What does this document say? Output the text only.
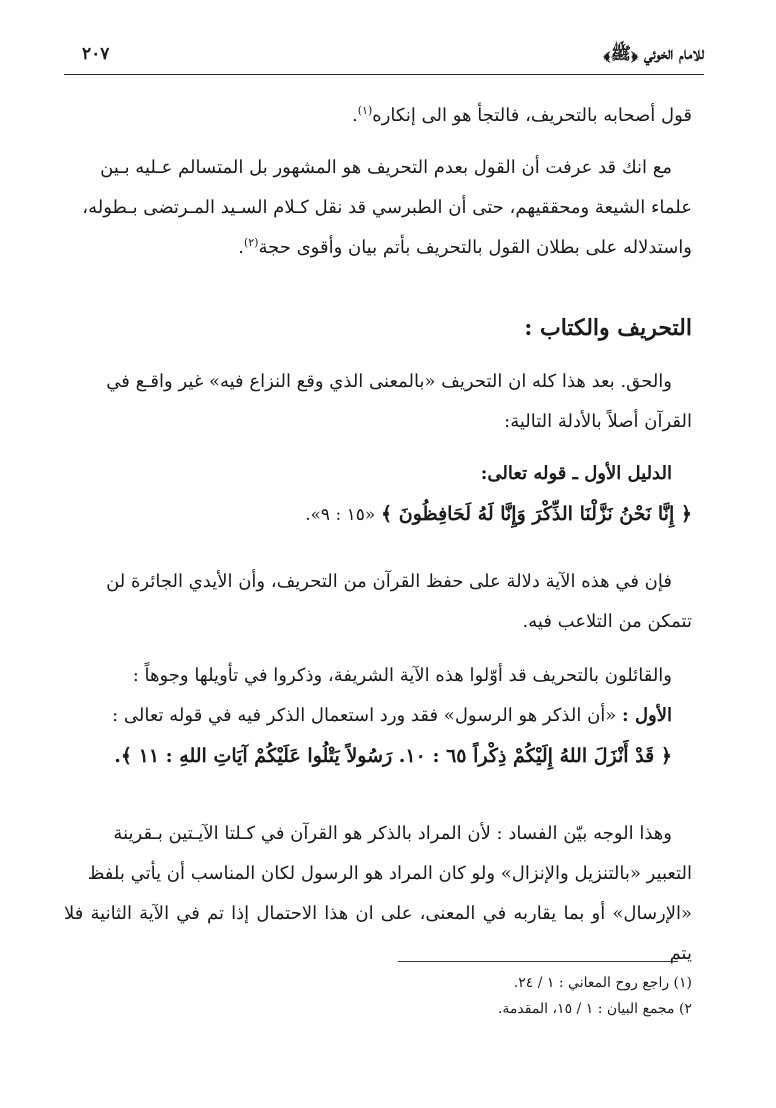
للامام الخوئي ﴿ﷺ﴾
٢٠٧

قول أصحابه بالتحريف، فالتجأ هو الى إنكاره$^{(١)}$.

مع انك قد عرفت أن القول بعدم التحريف هو المشهور بل المتسالم عـليه بـين

علماء الشيعة ومحققيهم، حتى أن الطبرسي قد نقل كـلام السـيد المـرتضى بـطوله،

واستدلاله على بطلان القول بالتحريف بأتم بيان وأقوى حجة$^{(٢)}$.

التحريف والكتاب :

والحق. بعد هذا كله ان التحريف «بالمعنى الذي وقع النزاع فيه» غير واقـع في

القرآن أصلاً بالأدلة التالية:

الدليل الأول ـ قوله تعالى:

﴿ إِنَّا نَحْنُ نَزَّلْنَا الذِّكْرَ وَإِنَّا لَهُ لَحَافِظُونَ ﴾ «١٥ : ٩».

فإن في هذه الآية دلالة على حفظ القرآن من التحريف، وأن الأيدي الجائرة لن

تتمكن من التلاعب فيه.

والقائلون بالتحريف قد أوّلوا هذه الآية الشريفة، وذكروا في تأويلها وجوهاً :

الأول : «أن الذكر هو الرسول» فقد ورد استعمال الذكر فيه في قوله تعالى :

﴿ قَدْ أَنْزَلَ اللهُ إِلَيْكُمْ ذِكْراً ٦٥ : ١٠. رَسُولاً يَتْلُوا عَلَيْكُمْ آيَاتِ اللهِ : ١١ ﴾.

وهذا الوجه بيّن الفساد : لأن المراد بالذكر هو القرآن في كـلتا الآيـتين بـقرينة

التعبير «بالتنزيل والإنزال» ولو كان المراد هو الرسول لكان المناسب أن يأتي بلفظ

«الإرسال» أو بما يقاربه في المعنى، على ان هذا الاحتمال إذا تم في الآية الثانية فلا يتم

(١) راجع روح المعاني : ١ / ٢٤.
٢) مجمع البيان : ١ / ١٥، المقدمة.
